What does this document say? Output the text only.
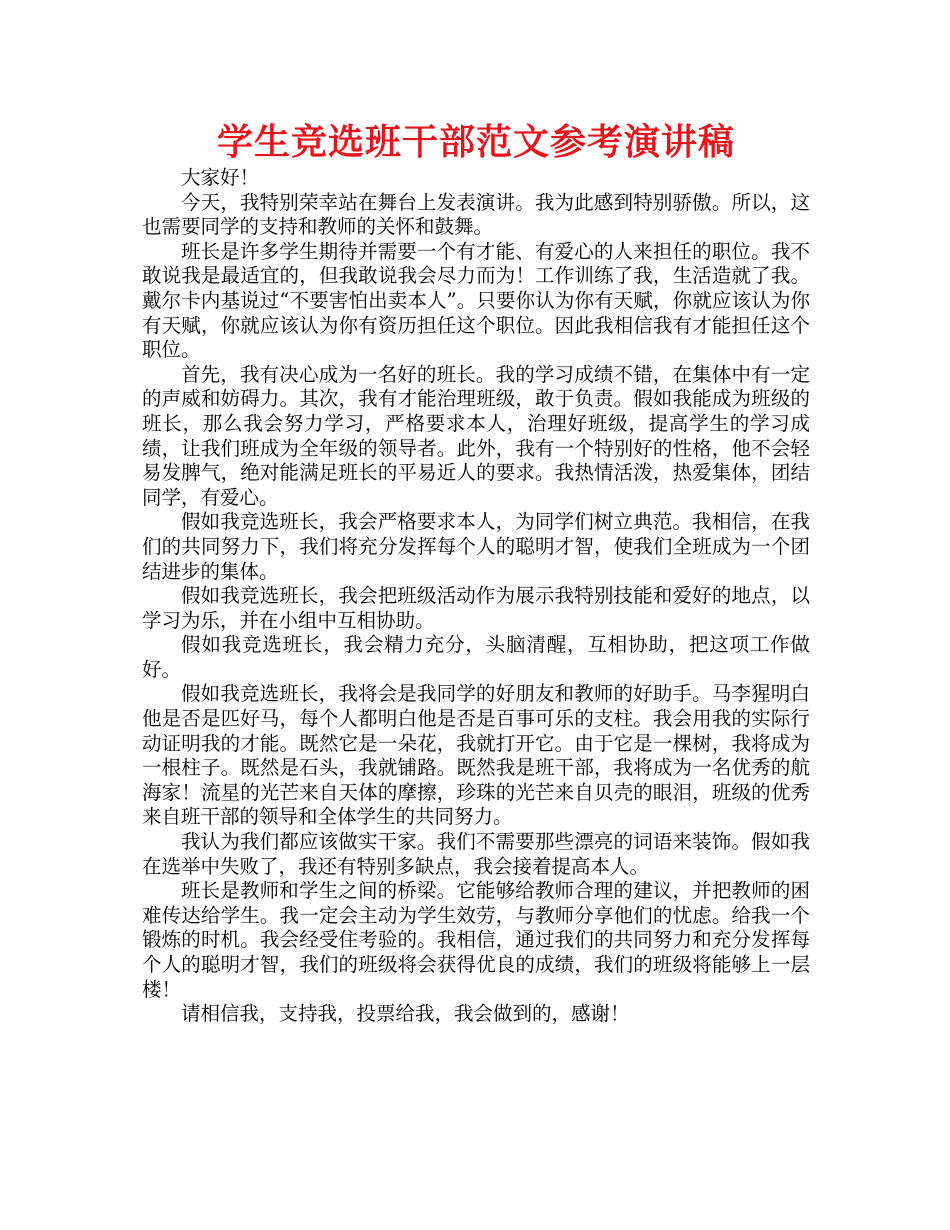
学生竞选班干部范文参考演讲稿

大家好！

今天，我特别荣幸站在舞台上发表演讲。我为此感到特别骄傲。所以，这也需要同学的支持和教师的关怀和鼓舞。

班长是许多学生期待并需要一个有才能、有爱心的人来担任的职位。我不敢说我是最适宜的，但我敢说我会尽力而为！工作训练了我，生活造就了我。戴尔卡内基说过“不要害怕出卖本人”。只要你认为你有天赋，你就应该认为你有天赋，你就应该认为你有资历担任这个职位。因此我相信我有才能担任这个职位。

首先，我有决心成为一名好的班长。我的学习成绩不错，在集体中有一定的声威和妨碍力。其次，我有才能治理班级，敢于负责。假如我能成为班级的班长，那么我会努力学习，严格要求本人，治理好班级，提高学生的学习成绩，让我们班成为全年级的领导者。此外，我有一个特别好的性格，他不会轻易发脾气，绝对能满足班长的平易近人的要求。我热情活泼，热爱集体，团结同学，有爱心。

假如我竞选班长，我会严格要求本人，为同学们树立典范。我相信，在我们的共同努力下，我们将充分发挥每个人的聪明才智，使我们全班成为一个团结进步的集体。

假如我竞选班长，我会把班级活动作为展示我特别技能和爱好的地点，以学习为乐，并在小组中互相协助。

假如我竞选班长，我会精力充分，头脑清醒，互相协助，把这项工作做好。

假如我竞选班长，我将会是我同学的好朋友和教师的好助手。马李猩明白他是否是匹好马，每个人都明白他是否是百事可乐的支柱。我会用我的实际行动证明我的才能。既然它是一朵花，我就打开它。由于它是一棵树，我将成为一根柱子。既然是石头，我就铺路。既然我是班干部，我将成为一名优秀的航海家！流星的光芒来自天体的摩擦，珍珠的光芒来自贝壳的眼泪，班级的优秀来自班干部的领导和全体学生的共同努力。

我认为我们都应该做实干家。我们不需要那些漂亮的词语来装饰。假如我在选举中失败了，我还有特别多缺点，我会接着提高本人。

班长是教师和学生之间的桥梁。它能够给教师合理的建议，并把教师的困难传达给学生。我一定会主动为学生效劳，与教师分享他们的忧虑。给我一个锻炼的时机。我会经受住考验的。我相信，通过我们的共同努力和充分发挥每个人的聪明才智，我们的班级将会获得优良的成绩，我们的班级将能够上一层楼！

请相信我，支持我，投票给我，我会做到的，感谢！
